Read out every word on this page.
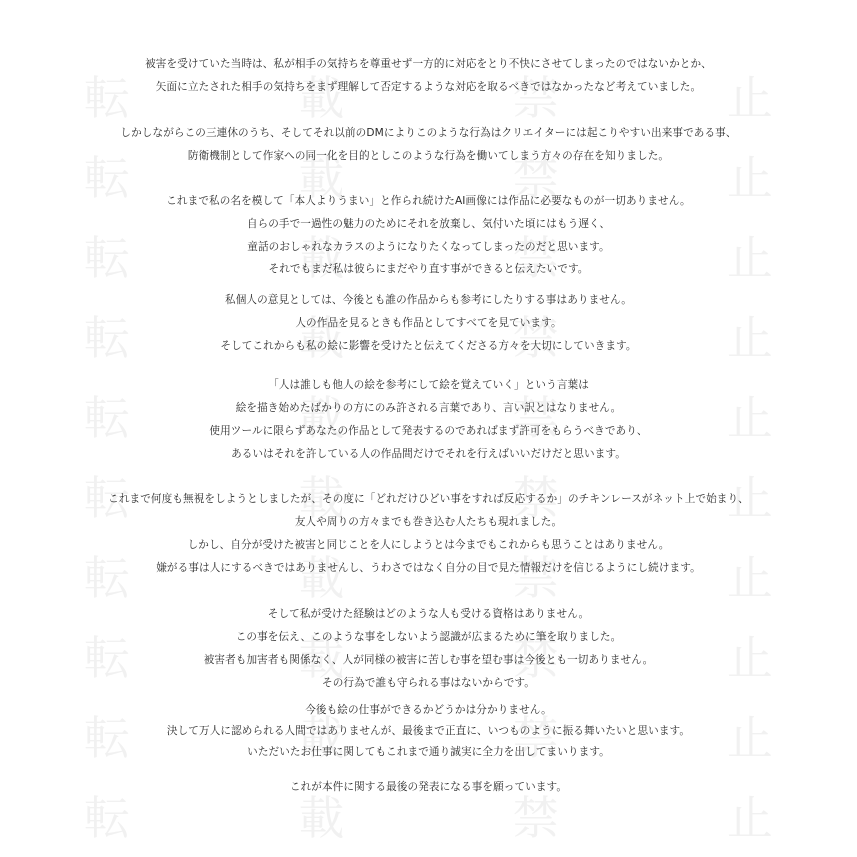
転	載	禁	止
転	載	禁	止
転	載	禁	止
転	載	禁	止
転	載	禁	止
転	載	禁	止
転	載	禁	止
転	載	禁	止
転	載	禁	止
転	載	禁	止
被害を受けていた当時は、私が相手の気持ちを尊重せず一方的に対応をとり不快にさせてしまったのではないかとか、
矢面に立たされた相手の気持ちをまず理解して否定するような対応を取るべきではなかったなど考えていました。
しかしながらこの三連休のうち、そしてそれ以前のDMによりこのような行為はクリエイターには起こりやすい出来事である事、
防衛機制として作家への同一化を目的としこのような行為を働いてしまう方々の存在を知りました。
これまで私の名を模して「本人よりうまい」と作られ続けたAI画像には作品に必要なものが一切ありません。
自らの手で一過性の魅力のためにそれを放棄し、気付いた頃にはもう遅く、
童話のおしゃれなカラスのようになりたくなってしまったのだと思います。
それでもまだ私は彼らにまだやり直す事ができると伝えたいです。
私個人の意見としては、今後とも誰の作品からも参考にしたりする事はありません。
人の作品を見るときも作品としてすべてを見ています。
そしてこれからも私の絵に影響を受けたと伝えてくださる方々を大切にしていきます。
「人は誰しも他人の絵を参考にして絵を覚えていく」という言葉は
絵を描き始めたばかりの方にのみ許される言葉であり、言い訳とはなりません。
使用ツールに限らずあなたの作品として発表するのであればまず許可をもらうべきであり、
あるいはそれを許している人の作品間だけでそれを行えばいいだけだと思います。
これまで何度も無視をしようとしましたが、その度に「どれだけひどい事をすれば反応するか」のチキンレースがネット上で始まり、
友人や周りの方々までも巻き込む人たちも現れました。
しかし、自分が受けた被害と同じことを人にしようとは今までもこれからも思うことはありません。
嫌がる事は人にするべきではありませんし、うわさではなく自分の目で見た情報だけを信じるようにし続けます。
そして私が受けた経験はどのような人も受ける資格はありません。
この事を伝え、このような事をしないよう認識が広まるために筆を取りました。
被害者も加害者も関係なく、人が同様の被害に苦しむ事を望む事は今後とも一切ありません。
その行為で誰も守られる事はないからです。
今後も絵の仕事ができるかどうかは分かりません。
決して万人に認められる人間ではありませんが、最後まで正直に、いつものように振る舞いたいと思います。
いただいたお仕事に関してもこれまで通り誠実に全力を出してまいります。
これが本件に関する最後の発表になる事を願っています。
